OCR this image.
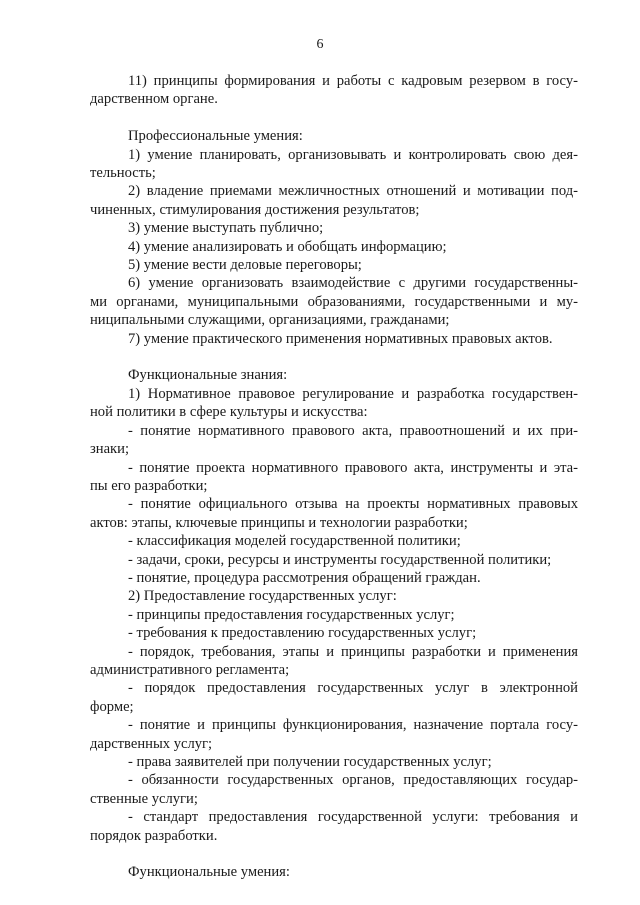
6

11) принципы формирования и работы с кадровым резервом в госу-
дарственном органе.

Профессиональные умения:

1) умение планировать, организовывать и контролировать свою дея-
тельность;

2) владение приемами межличностных отношений и мотивации под-
чиненных, стимулирования достижения результатов;

3) умение выступать публично;

4) умение анализировать и обобщать информацию;

5) умение вести деловые переговоры;

6) умение организовать взаимодействие с другими государственны-
ми органами, муниципальными образованиями, государственными и му-
ниципальными служащими, организациями, гражданами;

7) умение практического применения нормативных правовых актов.

Функциональные знания:

1) Нормативное правовое регулирование и разработка государствен-
ной политики в сфере культуры и искусства:

- понятие нормативного правового акта, правоотношений и их при-
знаки;

- понятие проекта нормативного правового акта, инструменты и эта-
пы его разработки;

- понятие официального отзыва на проекты нормативных правовых
актов: этапы, ключевые принципы и технологии разработки;

- классификация моделей государственной политики;

- задачи, сроки, ресурсы и инструменты государственной политики;

- понятие, процедура рассмотрения обращений граждан.

2) Предоставление государственных услуг:

- принципы предоставления государственных услуг;

- требования к предоставлению государственных услуг;

- порядок, требования, этапы и принципы разработки и применения
административного регламента;

- порядок предоставления государственных услуг в электронной
форме;

- понятие и принципы функционирования, назначение портала госу-
дарственных услуг;

- права заявителей при получении государственных услуг;

- обязанности государственных органов, предоставляющих государ-
ственные услуги;

- стандарт предоставления государственной услуги: требования и
порядок разработки.

Функциональные умения:
